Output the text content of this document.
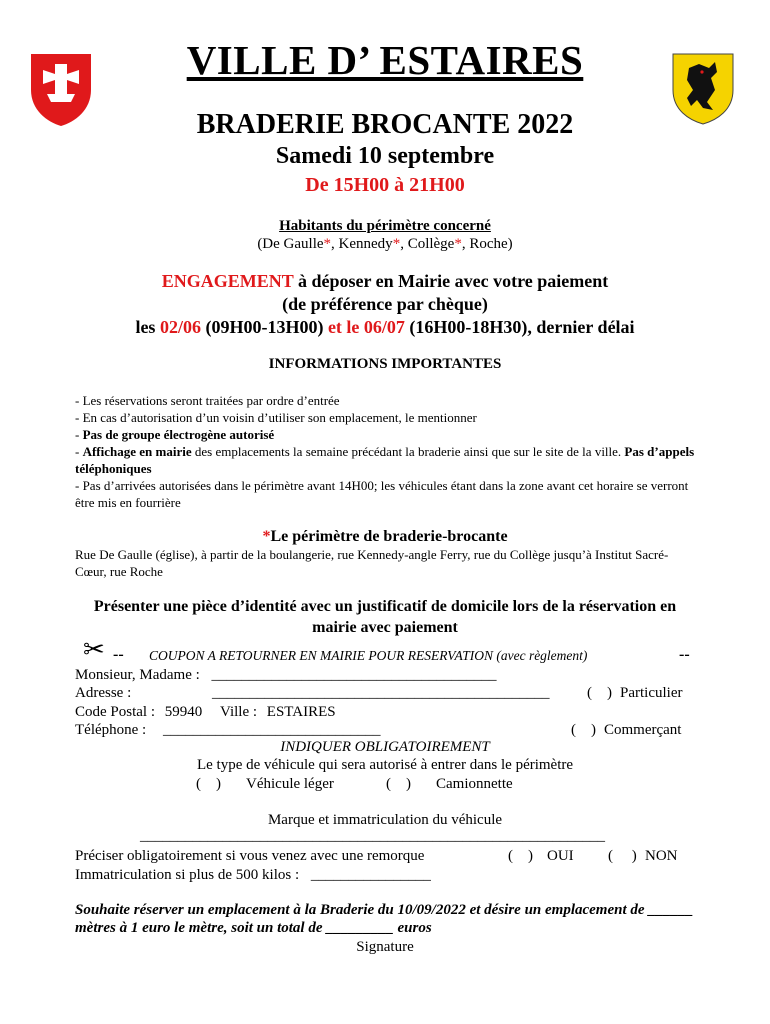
VILLE D’ ESTAIRES
BRADERIE BROCANTE 2022
Samedi 10 septembre
De 15H00 à 21H00
Habitants du périmètre concerné
(De Gaulle*, Kennedy*, Collège*, Roche)
ENGAGEMENT à déposer en Mairie avec votre paiement
(de préférence par chèque)
les 02/06 (09H00-13H00) et le 06/07 (16H00-18H30), dernier délai
INFORMATIONS IMPORTANTES

- Les réservations seront traitées par ordre d’entrée

- En cas d’autorisation d’un voisin d’utiliser son emplacement, le mentionner

- Pas de groupe électrogène autorisé

- Affichage en mairie des emplacements la semaine précédant la braderie ainsi que sur le site de la ville. Pas d’appels téléphoniques

- Pas d’arrivées autorisées dans le périmètre avant 14H00; les véhicules étant dans la zone avant cet horaire se verront être mis en fourrière

*Le périmètre de braderie-brocante
Rue De Gaulle (église), à partir de la boulangerie, rue Kennedy-angle Ferry, rue du Collège jusqu’à Institut Sacré-Cœur, rue Roche
Présenter une pièce d’identité avec un justificatif de domicile lors de la réservation en mairie avec paiement
✂ -- COUPON A RETOURNER EN MAIRIE POUR RESERVATION (avec règlement)	--
Monsieur, Madame : ______________________________________
Adresse :	_____________________________________________	( ) Particulier
Code Postal : 59940 Ville : ESTAIRES
Téléphone : _____________________________	( ) Commerçant
INDIQUER OBLIGATOIREMENT
Le type de véhicule qui sera autorisé à entrer dans le périmètre
( ) Véhicule léger	( ) Camionnette
Marque et immatriculation du véhicule
______________________________________________________________
Préciser obligatoirement si vous venez avec une remorque	( ) OUI ( ) NON
Immatriculation si plus de 500 kilos : ________________
Souhaite réserver un emplacement à la Braderie du 10/09/2022 et désire un emplacement de ______ mètres à 1 euro le mètre, soit un total de _________ euros
Signature
